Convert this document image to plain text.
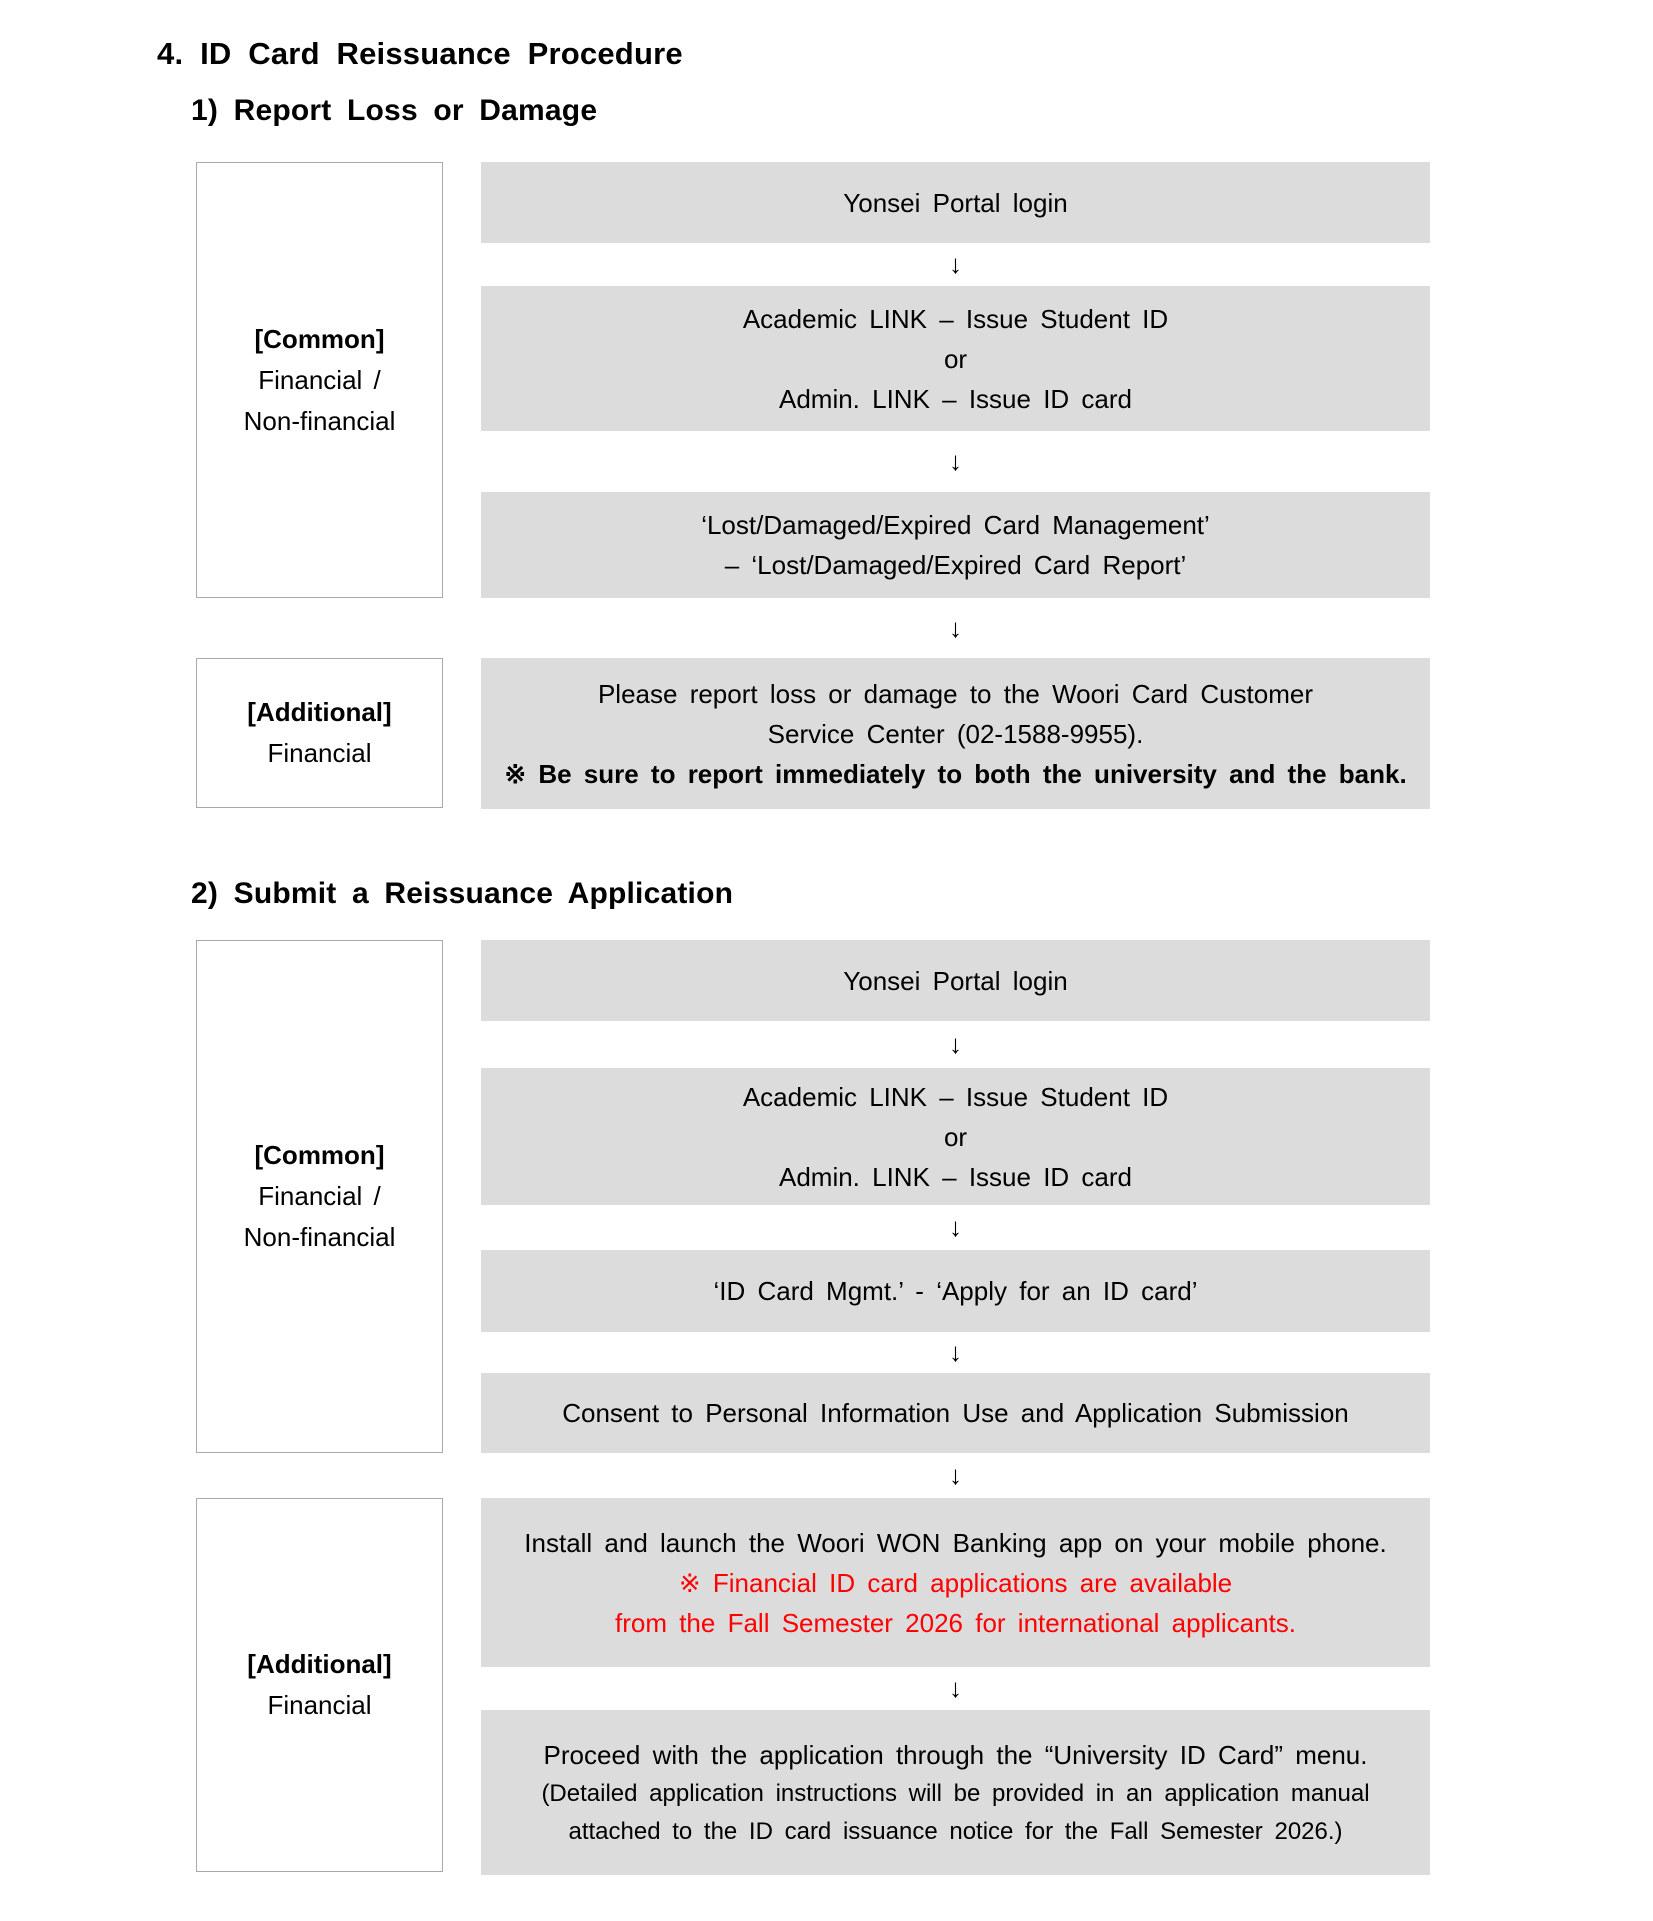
4. ID Card Reissuance Procedure
1) Report Loss or Damage
[Common]
Financial /
Non-financial
Yonsei Portal login
↓
Academic LINK – Issue Student ID
or
Admin. LINK – Issue ID card
↓
‘Lost/Damaged/Expired Card Management’
– ‘Lost/Damaged/Expired Card Report’
↓
[Additional]
Financial
Please report loss or damage to the Woori Card Customer
Service Center (02-1588-9955).
※ Be sure to report immediately to both the university and the bank.
2) Submit a Reissuance Application
[Common]
Financial /
Non-financial
Yonsei Portal login
↓
Academic LINK – Issue Student ID
or
Admin. LINK – Issue ID card
↓
‘ID Card Mgmt.’ - ‘Apply for an ID card’
↓
Consent to Personal Information Use and Application Submission
↓
[Additional]
Financial
Install and launch the Woori WON Banking app on your mobile phone.
※ Financial ID card applications are available
from the Fall Semester 2026 for international applicants.
↓
Proceed with the application through the “University ID Card” menu.
(Detailed application instructions will be provided in an application manual
attached to the ID card issuance notice for the Fall Semester 2026.)
